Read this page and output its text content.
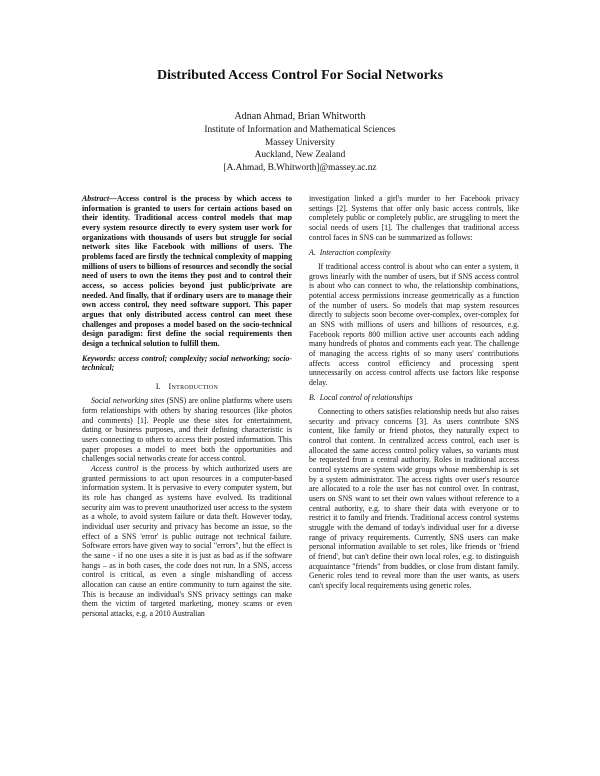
Distributed Access Control For Social Networks
Adnan Ahmad, Brian Whitworth
Institute of Information and Mathematical Sciences
Massey University
Auckland, New Zealand
[A.Ahmad, B.Whitworth]@massey.ac.nz

Abstract—Access control is the process by which access to information is granted to users for certain actions based on their identity. Traditional access control models that map every system resource directly to every system user work for organizations with thousands of users but struggle for social network sites like Facebook with millions of users. The problems faced are firstly the technical complexity of mapping millions of users to billions of resources and secondly the social need of users to own the items they post and to control their access, so access policies beyond just public/private are needed. And finally, that if ordinary users are to manage their own access control, they need software support. This paper argues that only distributed access control can meet these challenges and proposes a model based on the socio-technical design paradigm: first define the social requirements then design a technical solution to fulfill them.

Keywords: access control; complexity; social networking; socio-technical;

I. Introduction

Social networking sites (SNS) are online platforms where users form relationships with others by sharing resources (like photos and comments) [1]. People use these sites for entertainment, dating or business purposes, and their defining characteristic is users connecting to others to access their posted information. This paper proposes a model to meet both the opportunities and challenges social networks create for access control.

Access control is the process by which authorized users are granted permissions to act upon resources in a computer-based information system. It is pervasive to every computer system, but its role has changed as systems have evolved. Its traditional security aim was to prevent unauthorized user access to the system as a whole, to avoid system failure or data theft. However today, individual user security and privacy has become an issue, so the effect of a SNS 'error' is public outrage not technical failure. Software errors have given way to social "errors", but the effect is the same - if no one uses a site it is just as bad as if the software hangs – as in both cases, the code does not run. In a SNS, access control is critical, as even a single mishandling of access allocation can cause an entire community to turn against the site. This is because an individual's SNS privacy settings can make them the victim of targeted marketing, money scams or even personal attacks, e.g. a 2010 Australian

investigation linked a girl's murder to her Facebook privacy settings [2]. Systems that offer only basic access controls, like completely public or completely public, are struggling to meet the social needs of users [1]. The challenges that traditional access control faces in SNS can be summarized as follows:

A. Interaction complexity

If traditional access control is about who can enter a system, it grows linearly with the number of users, but if SNS access control is about who can connect to who, the relationship combinations, potential access permissions increase geometrically as a function of the number of users. So models that map system resources directly to subjects soon become over-complex, over-complex for an SNS with millions of users and billions of resources, e.g. Facebook reports 800 million active user accounts each adding many hundreds of photos and comments each year. The challenge of managing the access rights of so many users' contributions affects access control efficiency and processing spent unnecessarily on access control affects use factors like response delay.

B. Local control of relationships

Connecting to others satisfies relationship needs but also raises security and privacy concerns [3]. As users contribute SNS content, like family or friend photos, they naturally expect to control that content. In centralized access control, each user is allocated the same access control policy values, so variants must be requested from a central authority. Roles in traditional access control systems are system wide groups whose membership is set by a system administrator. The access rights over user's resource are allocated to a role the user has not control over. In contrast, users on SNS want to set their own values without reference to a central authority, e.g. to share their data with everyone or to restrict it to family and friends. Traditional access control systems struggle with the demand of today's individual user for a diverse range of privacy requirements. Currently, SNS users can make personal information available to set roles, like friends or 'friend of friend', but can't define their own local roles, e.g. to distinguish acquaintance "friends" from buddies, or close from distant family. Generic roles tend to reveal more than the user wants, as users can't specify local requirements using generic roles.
